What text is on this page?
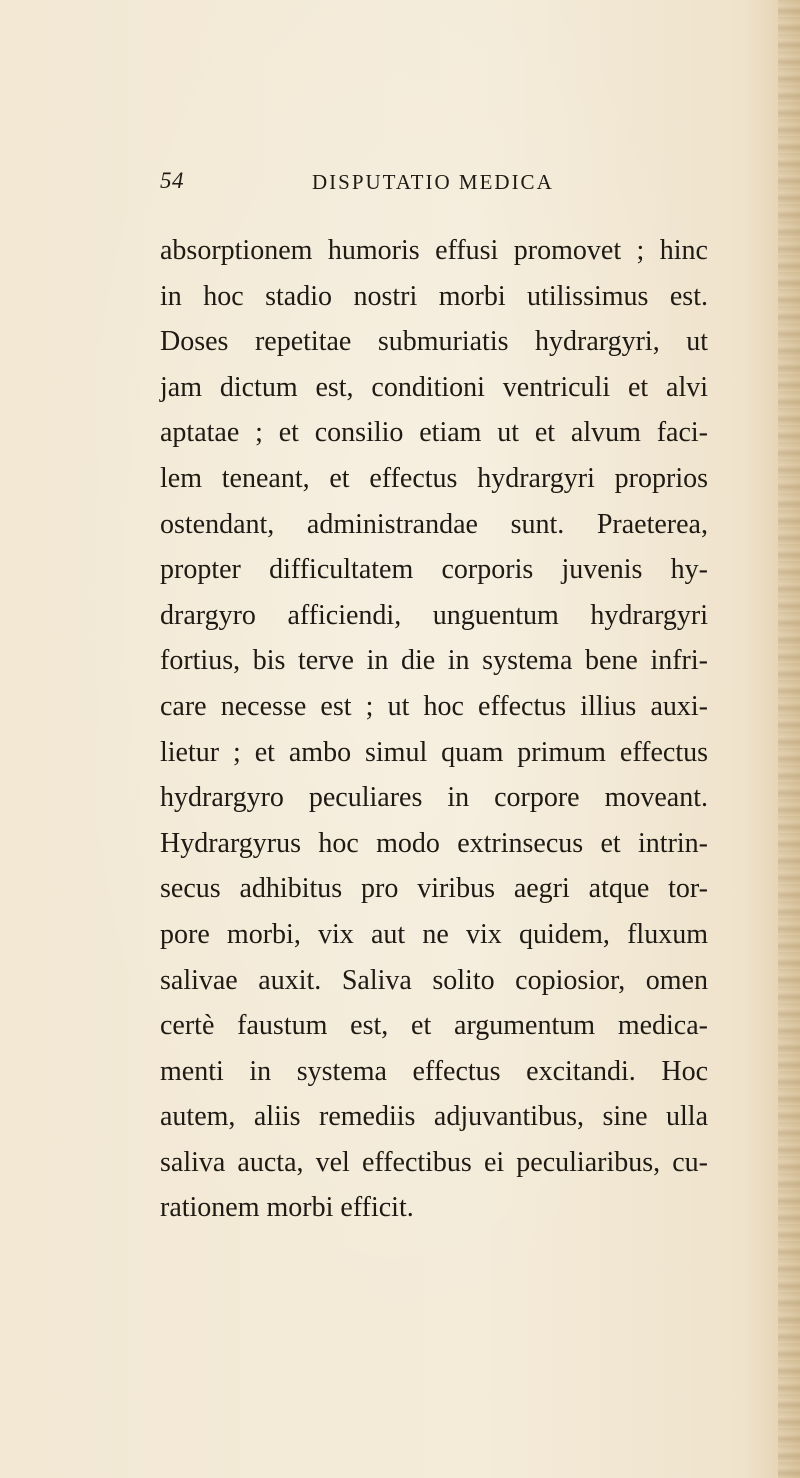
54	DISPUTATIO MEDICA
absorptionem humoris effusi promovet ; hinc
in hoc stadio nostri morbi utilissimus est.
Doses repetitae submuriatis hydrargyri, ut
jam dictum est, conditioni ventriculi et alvi
aptatae ; et consilio etiam ut et alvum faci-
lem teneant, et effectus hydrargyri proprios
ostendant, administrandae sunt. Praeterea,
propter difficultatem corporis juvenis hy-
drargyro afficiendi, unguentum hydrargyri
fortius, bis terve in die in systema bene infri-
care necesse est ; ut hoc effectus illius auxi-
lietur ; et ambo simul quam primum effectus
hydrargyro peculiares in corpore moveant.
Hydrargyrus hoc modo extrinsecus et intrin-
secus adhibitus pro viribus aegri atque tor-
pore morbi, vix aut ne vix quidem, fluxum
salivae auxit. Saliva solito copiosior, omen
certè faustum est, et argumentum medica-
menti in systema effectus excitandi. Hoc
autem, aliis remediis adjuvantibus, sine ulla
saliva aucta, vel effectibus ei peculiaribus, cu-
rationem morbi efficit.
